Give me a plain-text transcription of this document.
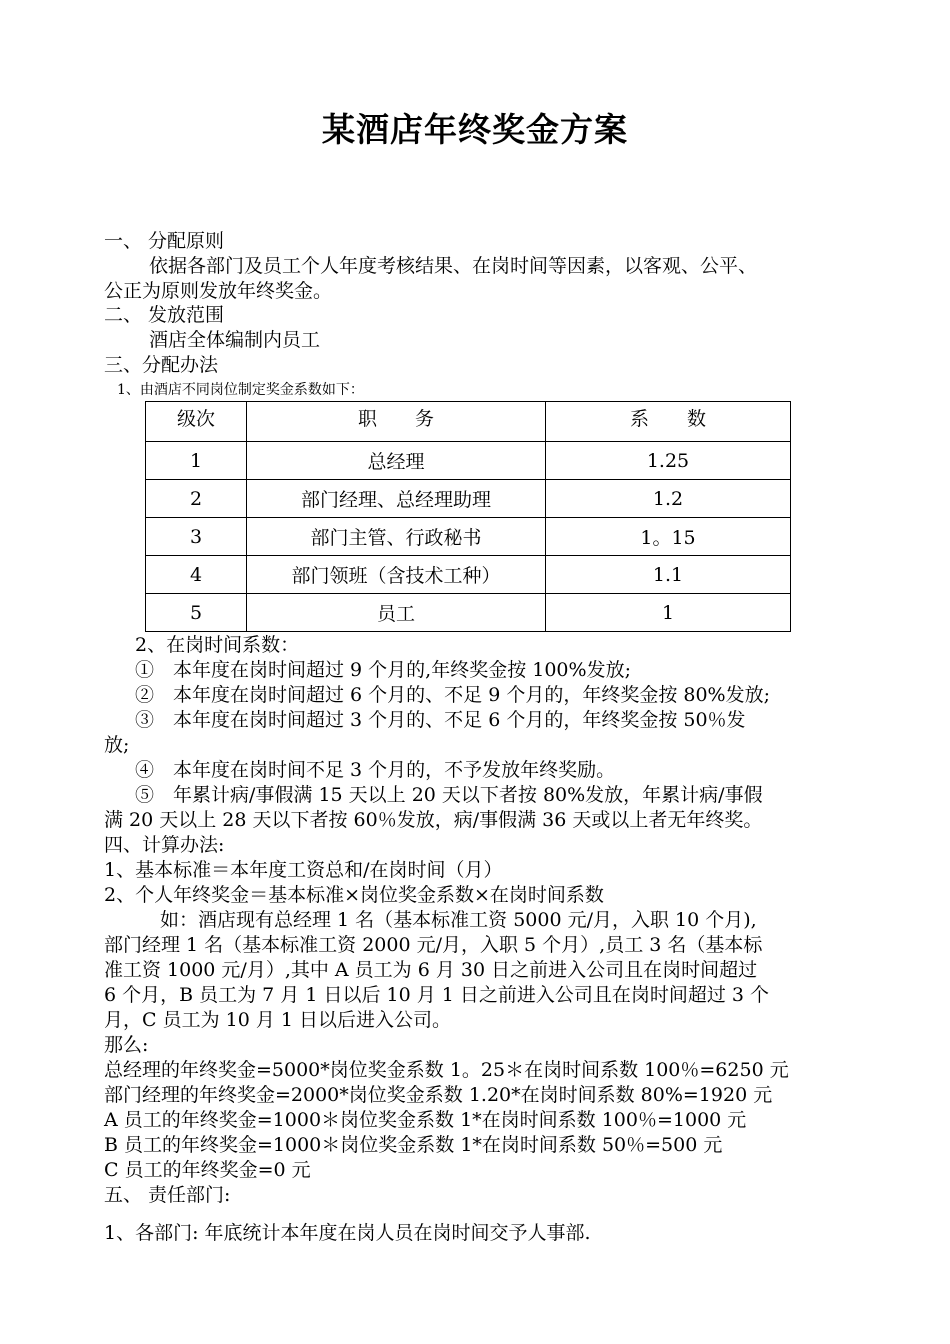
某酒店年终奖金方案
一、 分配原则
依据各部门及员工个人年度考核结果、在岗时间等因素，以客观、公平、
公正为原则发放年终奖金。
二、 发放范围
酒店全体编制内员工
三、分配办法
1、由酒店不同岗位制定奖金系数如下：
级次	职　　务	系　　数
1	总经理	1.25
2	部门经理、总经理助理	1.2
3	部门主管、行政秘书	1。15
4	部门领班（含技术工种）	1.1
5	员工	1
2、在岗时间系数：
①　本年度在岗时间超过 9 个月的,年终奖金按 100%发放;
②　本年度在岗时间超过 6 个月的、不足 9 个月的，年终奖金按 80%发放;
③　本年度在岗时间超过 3 个月的、不足 6 个月的，年终奖金按 50％发
放;
④　本年度在岗时间不足 3 个月的，不予发放年终奖励。
⑤　年累计病/事假满 15 天以上 20 天以下者按 80%发放，年累计病/事假
满 20 天以上 28 天以下者按 60％发放，病/事假满 36 天或以上者无年终奖。
四、计算办法:
1、基本标准＝本年度工资总和/在岗时间（月）
2、个人年终奖金＝基本标准×岗位奖金系数×在岗时间系数
如：酒店现有总经理 1 名（基本标准工资 5000 元/月，入职 10 个月),
部门经理 1 名（基本标准工资 2000 元/月，入职 5 个月）,员工 3 名（基本标
准工资 1000 元/月）,其中 A 员工为 6 月 30 日之前进入公司且在岗时间超过
6 个月，B 员工为 7 月 1 日以后 10 月 1 日之前进入公司且在岗时间超过 3 个
月，C 员工为 10 月 1 日以后进入公司。
那么:
总经理的年终奖金=5000*岗位奖金系数 1。25＊在岗时间系数 100％=6250 元
部门经理的年终奖金=2000*岗位奖金系数 1.20*在岗时间系数 80%=1920 元
A 员工的年终奖金=1000＊岗位奖金系数 1*在岗时间系数 100％=1000 元
B 员工的年终奖金=1000＊岗位奖金系数 1*在岗时间系数 50％=500 元
C 员工的年终奖金=0 元
五、 责任部门:
1、各部门: 年底统计本年度在岗人员在岗时间交予人事部.
